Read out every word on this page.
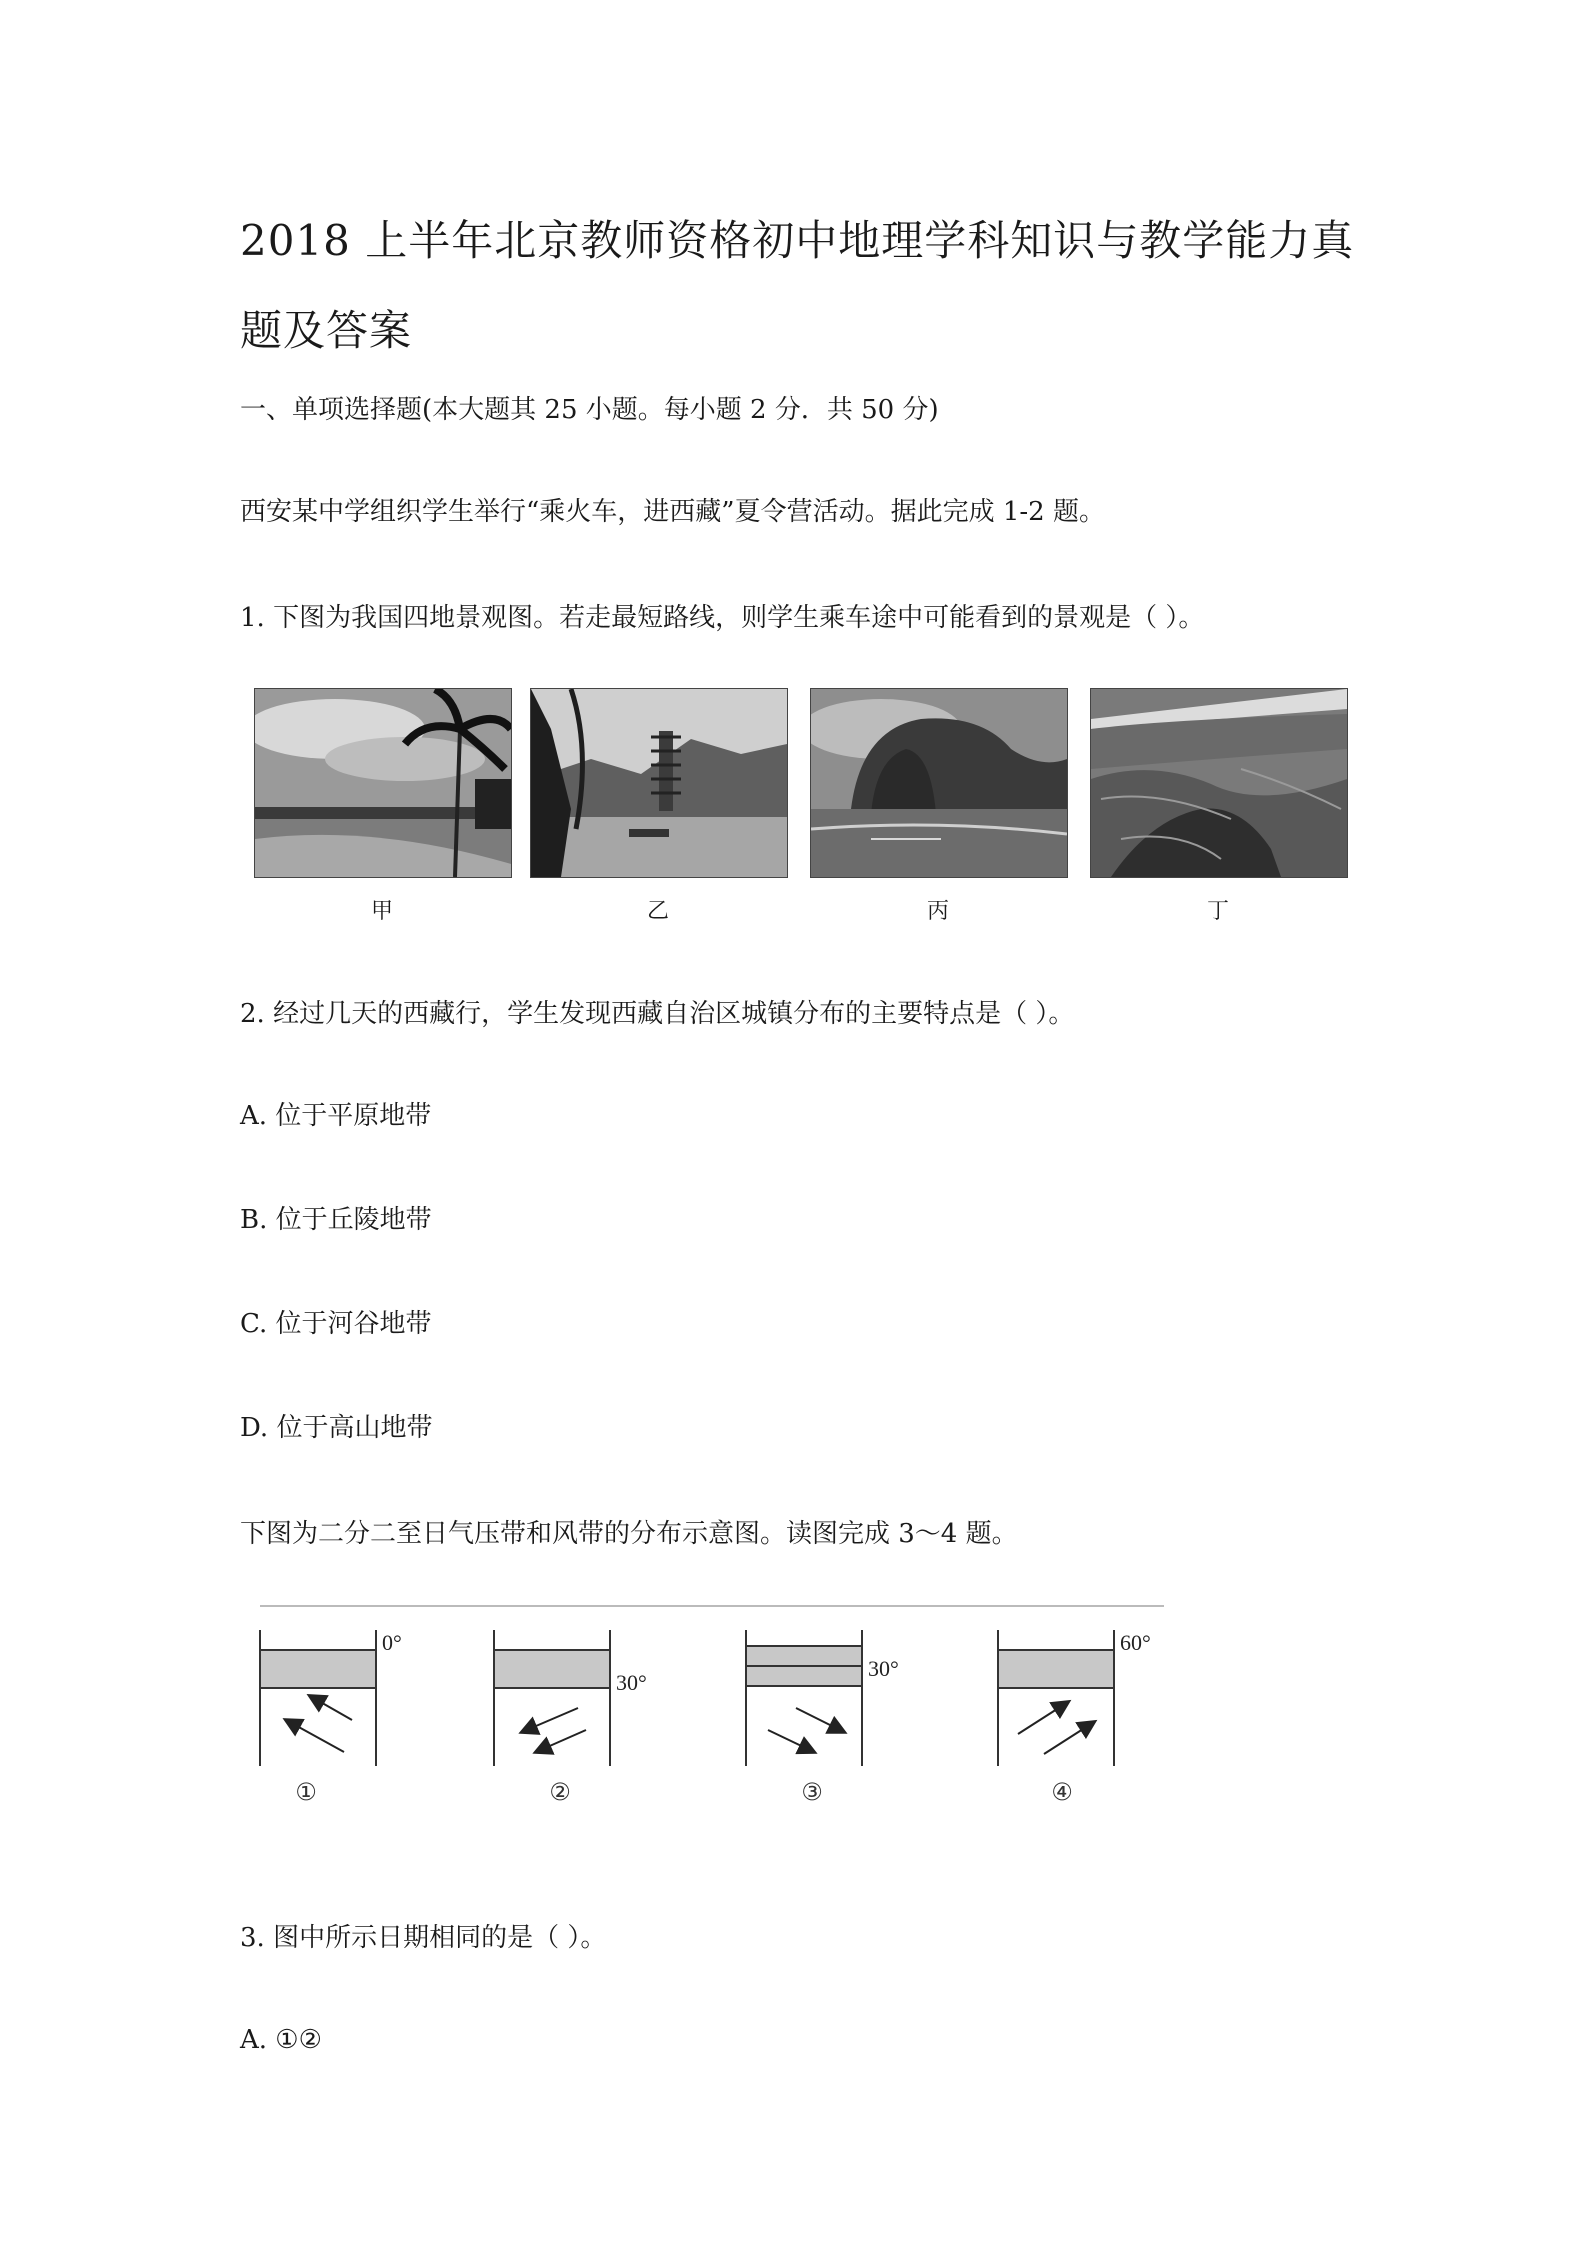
2018 上半年北京教师资格初中地理学科知识与教学能力真题及答案
一、单项选择题(本大题其 25 小题。每小题 2 分．共 50 分)
西安某中学组织学生举行“乘火车，进西藏”夏令营活动。据此完成 1-2 题。
1. 下图为我国四地景观图。若走最短路线，则学生乘车途中可能看到的景观是（ ）。
甲	乙	丙	丁
2. 经过几天的西藏行，学生发现西藏自治区城镇分布的主要特点是（ ）。
A. 位于平原地带
B. 位于丘陵地带
C. 位于河谷地带
D. 位于高山地带
下图为二分二至日气压带和风带的分布示意图。读图完成 3～4 题。
0°
①
30°
②
30°
③
60°
④
3. 图中所示日期相同的是（ ）。
A. ①②
